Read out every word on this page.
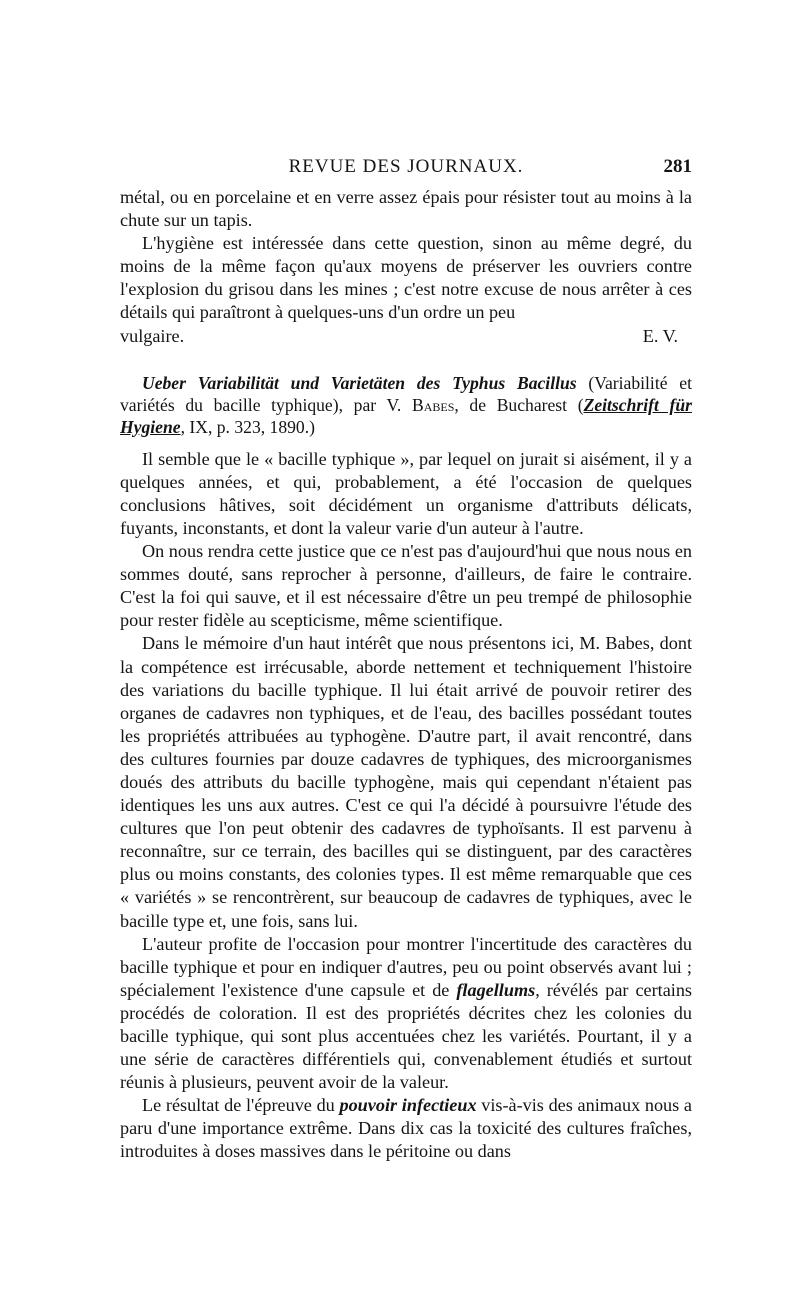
REVUE DES JOURNAUX.	281

métal, ou en porcelaine et en verre assez épais pour résister tout au moins à la chute sur un tapis.

L'hygiène est intéressée dans cette question, sinon au même degré, du moins de la même façon qu'aux moyens de préserver les ouvriers contre l'explosion du grisou dans les mines ; c'est notre excuse de nous arrêter à ces détails qui paraîtront à quelques-uns d'un ordre un peu

vulgaire.	E. V.

Ueber Variabilität und Varietäten des Typhus Bacillus (Variabilité et variétés du bacille typhique), par V. Babes, de Bucharest (Zeitschrift für Hygiene, IX, p. 323, 1890.)

Il semble que le « bacille typhique », par lequel on jurait si aisément, il y a quelques années, et qui, probablement, a été l'occasion de quelques conclusions hâtives, soit décidément un organisme d'attributs délicats, fuyants, inconstants, et dont la valeur varie d'un auteur à l'autre.

On nous rendra cette justice que ce n'est pas d'aujourd'hui que nous nous en sommes douté, sans reprocher à personne, d'ailleurs, de faire le contraire. C'est la foi qui sauve, et il est nécessaire d'être un peu trempé de philosophie pour rester fidèle au scepticisme, même scientifique.

Dans le mémoire d'un haut intérêt que nous présentons ici, M. Babes, dont la compétence est irrécusable, aborde nettement et techniquement l'histoire des variations du bacille typhique. Il lui était arrivé de pouvoir retirer des organes de cadavres non typhiques, et de l'eau, des bacilles possédant toutes les propriétés attribuées au typhogène. D'autre part, il avait rencontré, dans des cultures fournies par douze cadavres de typhiques, des microorganismes doués des attributs du bacille typhogène, mais qui cependant n'étaient pas identiques les uns aux autres. C'est ce qui l'a décidé à poursuivre l'étude des cultures que l'on peut obtenir des cadavres de typhoïsants. Il est parvenu à reconnaître, sur ce terrain, des bacilles qui se distinguent, par des caractères plus ou moins constants, des colonies types. Il est même remarquable que ces « variétés » se rencontrèrent, sur beaucoup de cadavres de typhiques, avec le bacille type et, une fois, sans lui.

L'auteur profite de l'occasion pour montrer l'incertitude des caractères du bacille typhique et pour en indiquer d'autres, peu ou point observés avant lui ; spécialement l'existence d'une capsule et de flagellums, révélés par certains procédés de coloration. Il est des propriétés décrites chez les colonies du bacille typhique, qui sont plus accentuées chez les variétés. Pourtant, il y a une série de caractères différentiels qui, convenablement étudiés et surtout réunis à plusieurs, peuvent avoir de la valeur.

Le résultat de l'épreuve du pouvoir infectieux vis-à-vis des animaux nous a paru d'une importance extrême. Dans dix cas la toxicité des cultures fraîches, introduites à doses massives dans le péritoine ou dans
